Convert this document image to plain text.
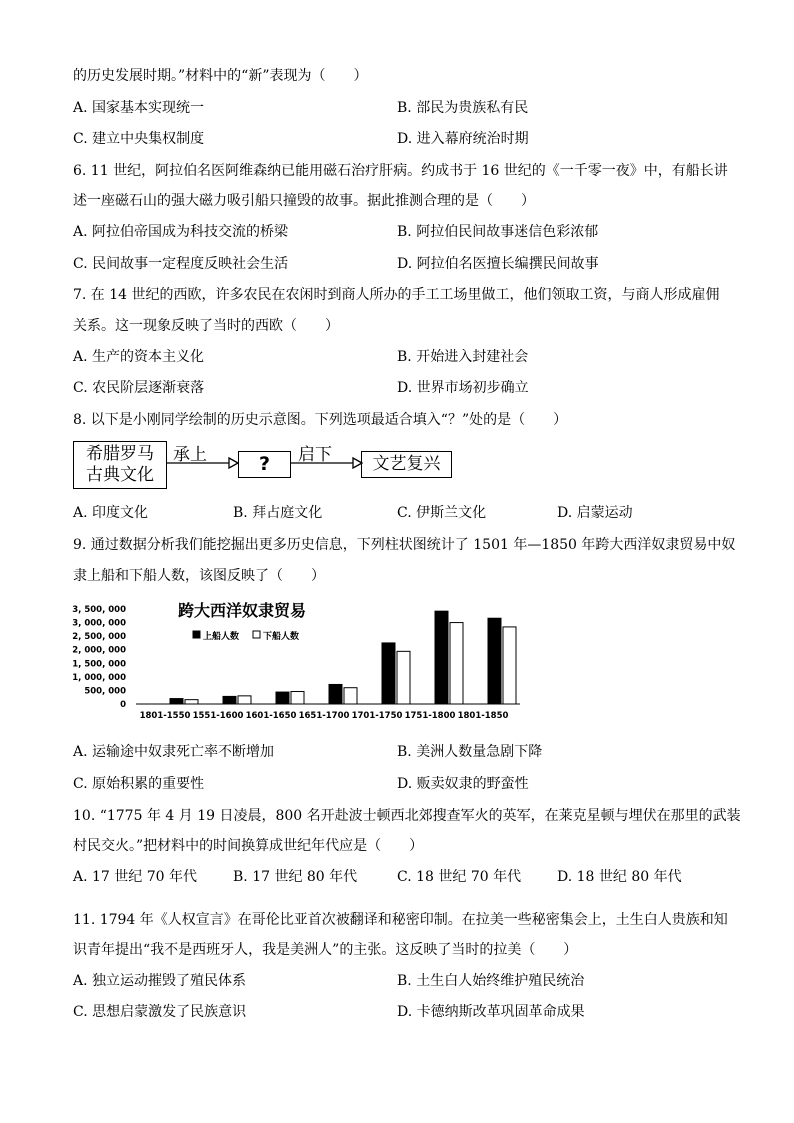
的历史发展时期。”材料中的“新”表现为（　　）
A. 国家基本实现统一	B. 部民为贵族私有民
C. 建立中央集权制度	D. 进入幕府统治时期
6. 11 世纪，阿拉伯名医阿维森纳已能用磁石治疗肝病。约成书于 16 世纪的《一千零一夜》中，有船长讲
述一座磁石山的强大磁力吸引船只撞毁的故事。据此推测合理的是（　　）
A. 阿拉伯帝国成为科技交流的桥梁	B. 阿拉伯民间故事迷信色彩浓郁
C. 民间故事一定程度反映社会生活	D. 阿拉伯名医擅长编撰民间故事
7. 在 14 世纪的西欧，许多农民在农闲时到商人所办的手工工场里做工，他们领取工资，与商人形成雇佣
关系。这一现象反映了当时的西欧（　　）
A. 生产的资本主义化	B. 开始进入封建社会
C. 农民阶层逐渐衰落	D. 世界市场初步确立
8. 以下是小刚同学绘制的历史示意图。下列选项最适合填入“？”处的是（　　）
希腊罗马
古典文化
承上	?	启下	文艺复兴
A. 印度文化	B. 拜占庭文化	C. 伊斯兰文化	D. 启蒙运动
9. 通过数据分析我们能挖掘出更多历史信息，下列柱状图统计了 1501 年—1850 年跨大西洋奴隶贸易中奴
隶上船和下船人数，该图反映了（　　）
跨大西洋奴隶贸易
上船人数	下船人数
0
500, 000
1, 000, 000
1, 500, 000
2, 000, 000
2, 500, 000
3, 000, 000
3, 500, 000
1801-1550 1551-1600 1601-1650 1651-1700 1701-1750 1751-1800 1801-1850
A. 运输途中奴隶死亡率不断增加	B. 美洲人数量急剧下降
C. 原始积累的重要性	D. 贩卖奴隶的野蛮性
10. “1775 年 4 月 19 日凌晨，800 名开赴波士顿西北郊搜查军火的英军，在莱克星顿与埋伏在那里的武装
村民交火。”把材料中的时间换算成世纪年代应是（　　）
A. 17 世纪 70 年代	B. 17 世纪 80 年代	C. 18 世纪 70 年代	D. 18 世纪 80 年代
11. 1794 年《人权宣言》在哥伦比亚首次被翻译和秘密印制。在拉美一些秘密集会上，土生白人贵族和知
识青年提出“我不是西班牙人，我是美洲人”的主张。这反映了当时的拉美（　　）
A. 独立运动摧毁了殖民体系	B. 土生白人始终维护殖民统治
C. 思想启蒙激发了民族意识	D. 卡德纳斯改革巩固革命成果
